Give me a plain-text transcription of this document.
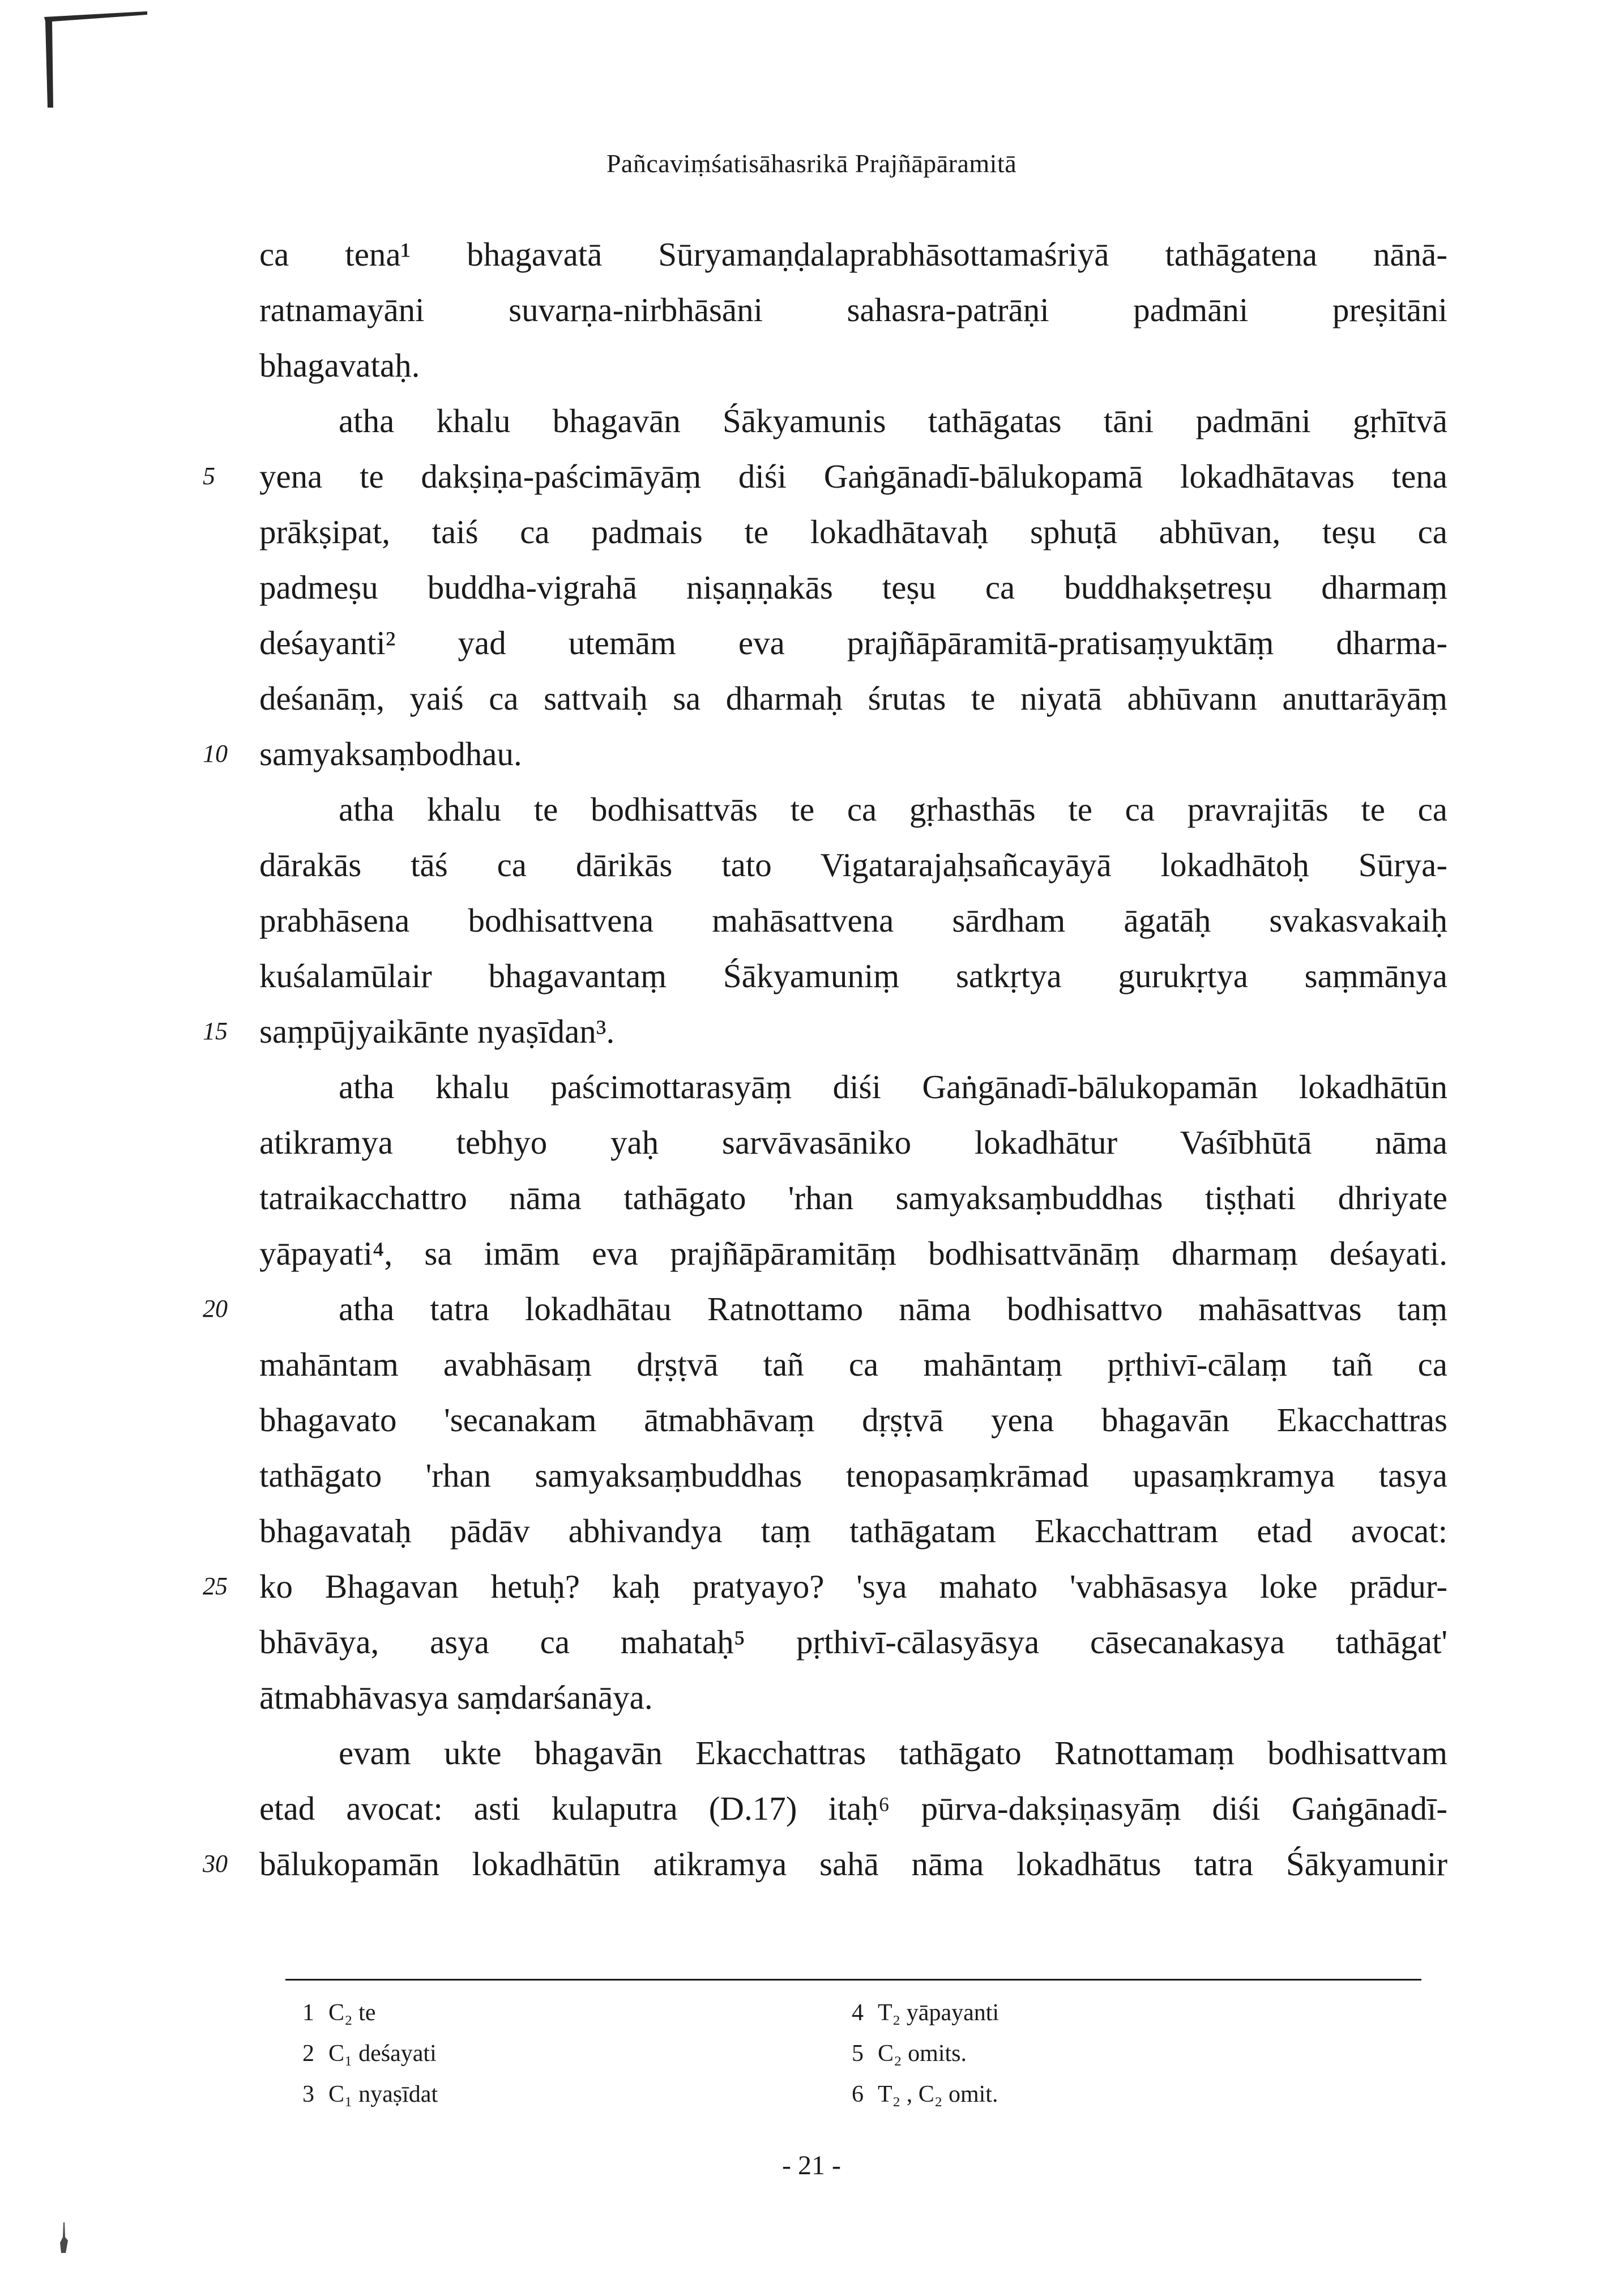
Pañcaviṃśatisāhasrikā Prajñāpāramitā
ca tena¹ bhagavatā Sūryamaṇḍalaprabhāsottamaśriyā tathāgatena nānā-
ratnamayāni suvarṇa-nirbhāsāni sahasra-patrāṇi padmāni preṣitāni
bhagavataḥ.
atha khalu bhagavān Śākyamunis tathāgatas tāni padmāni gṛhītvā
yena te dakṣiṇa-paścimāyāṃ diśi Gaṅgānadī-bālukopamā lokadhātavas tena
prākṣipat, taiś ca padmais te lokadhātavaḥ sphuṭā abhūvan, teṣu ca
padmeṣu buddha-vigrahā niṣaṇṇakās teṣu ca buddhakṣetreṣu dharmaṃ
deśayanti² yad utemām eva prajñāpāramitā-pratisaṃyuktāṃ dharma-
deśanāṃ, yaiś ca sattvaiḥ sa dharmaḥ śrutas te niyatā abhūvann anuttarāyāṃ
samyaksaṃbodhau.
atha khalu te bodhisattvās te ca gṛhasthās te ca pravrajitās te ca
dārakās tāś ca dārikās tato Vigatarajaḥsañcayāyā lokadhātoḥ Sūrya-
prabhāsena bodhisattvena mahāsattvena sārdham āgatāḥ svakasvakaiḥ
kuśalamūlair bhagavantaṃ Śākyamuniṃ satkṛtya gurukṛtya saṃmānya
saṃpūjyaikānte nyaṣīdan³.
atha khalu paścimottarasyāṃ diśi Gaṅgānadī-bālukopamān lokadhātūn
atikramya tebhyo yaḥ sarvāvasāniko lokadhātur Vaśībhūtā nāma
tatraikacchattro nāma tathāgato 'rhan samyaksaṃbuddhas tiṣṭhati dhriyate
yāpayati⁴, sa imām eva prajñāpāramitāṃ bodhisattvānāṃ dharmaṃ deśayati.
atha tatra lokadhātau Ratnottamo nāma bodhisattvo mahāsattvas taṃ
mahāntam avabhāsaṃ dṛṣṭvā tañ ca mahāntaṃ pṛthivī-cālaṃ tañ ca
bhagavato 'secanakam ātmabhāvaṃ dṛṣṭvā yena bhagavān Ekacchattras
tathāgato 'rhan samyaksaṃbuddhas tenopasaṃkrāmad upasaṃkramya tasya
bhagavataḥ pādāv abhivandya taṃ tathāgatam Ekacchattram etad avocat:
ko Bhagavan hetuḥ? kaḥ pratyayo? 'sya mahato 'vabhāsasya loke prādur-
bhāvāya, asya ca mahataḥ⁵ pṛthivī-cālasyāsya cāsecanakasya tathāgat'
ātmabhāvasya saṃdarśanāya.
evam ukte bhagavān Ekacchattras tathāgato Ratnottamaṃ bodhisattvam
etad avocat: asti kulaputra (D.17) itaḥ⁶ pūrva-dakṣiṇasyāṃ diśi Gaṅgānadī-
bālukopamān lokadhātūn atikramya sahā nāma lokadhātus tatra Śākyamunir
5
10
15
20
25
30
1 C₂ te
2 C₁ deśayati
3 C₁ nyaṣīdat
4 T₂ yāpayanti
5 C₂ omits.
6 T₂ , C₂ omit.
- 21 -
